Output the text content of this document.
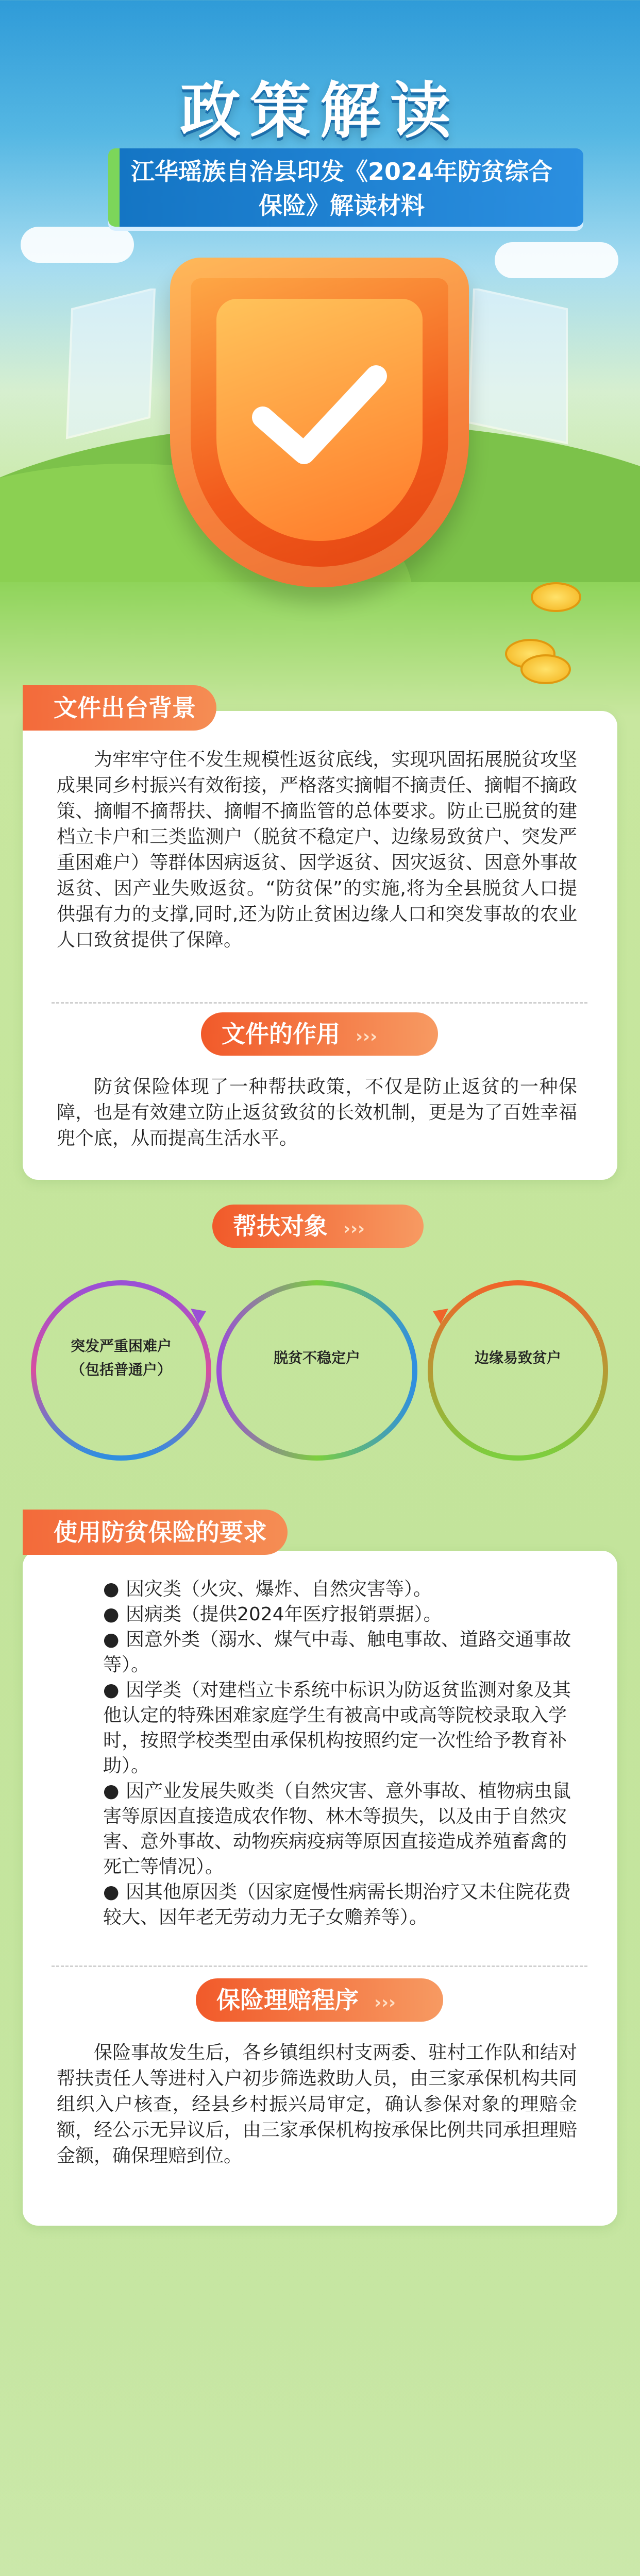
政策解读
江华瑶族自治县印发《2024年防贫综合保险》解读材料
文件出台背景
为牢牢守住不发生规模性返贫底线，实现巩固拓展脱贫攻坚成果同乡村振兴有效衔接，严格落实摘帽不摘责任、摘帽不摘政策、摘帽不摘帮扶、摘帽不摘监管的总体要求。防止已脱贫的建档立卡户和三类监测户（脱贫不稳定户、边缘易致贫户、突发严重困难户）等群体因病返贫、因学返贫、因灾返贫、因意外事故返贫、因产业失败返贫。“防贫保”的实施,将为全县脱贫人口提供强有力的支撑,同时,还为防止贫困边缘人口和突发事故的农业人口致贫提供了保障。
文件的作用 ›››
防贫保险体现了一种帮扶政策，不仅是防止返贫的一种保障，也是有效建立防止返贫致贫的长效机制，更是为了百姓幸福兜个底，从而提高生活水平。
帮扶对象 ›››
突发严重困难户
（包括普通户）
脱贫不稳定户	边缘易致贫户
使用防贫保险的要求

● 因灾类（火灾、爆炸、自然灾害等）。

● 因病类（提供2024年医疗报销票据）。

● 因意外类（溺水、煤气中毒、触电事故、道路交通事故等）。

● 因学类（对建档立卡系统中标识为防返贫监测对象及其他认定的特殊困难家庭学生有被高中或高等院校录取入学时，按照学校类型由承保机构按照约定一次性给予教育补助）。

● 因产业发展失败类（自然灾害、意外事故、植物病虫鼠害等原因直接造成农作物、林木等损失，以及由于自然灾害、意外事故、动物疾病疫病等原因直接造成养殖畜禽的死亡等情况）。

● 因其他原因类（因家庭慢性病需长期治疗又未住院花费较大、因年老无劳动力无子女赡养等）。

保险理赔程序 ›››
保险事故发生后，各乡镇组织村支两委、驻村工作队和结对帮扶责任人等进村入户初步筛选救助人员，由三家承保机构共同组织入户核查，经县乡村振兴局审定，确认参保对象的理赔金额，经公示无异议后，由三家承保机构按承保比例共同承担理赔金额，确保理赔到位。
